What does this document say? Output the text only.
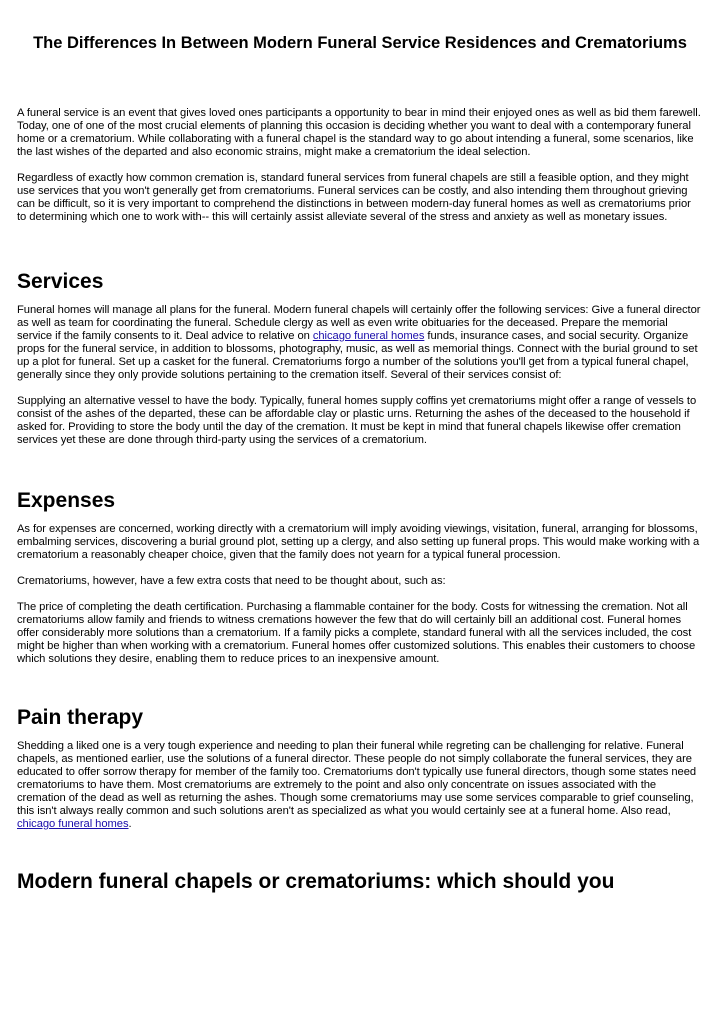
The Differences In Between Modern Funeral Service Residences and Crematoriums

A funeral service is an event that gives loved ones participants a opportunity to bear in mind their enjoyed ones as well as bid them farewell. Today, one of one of the most crucial elements of planning this occasion is deciding whether you want to deal with a contemporary funeral home or a crematorium. While collaborating with a funeral chapel is the standard way to go about intending a funeral, some scenarios, like the last wishes of the departed and also economic strains, might make a crematorium the ideal selection.

Regardless of exactly how common cremation is, standard funeral services from funeral chapels are still a feasible option, and they might use services that you won't generally get from crematoriums. Funeral services can be costly, and also intending them throughout grieving can be difficult, so it is very important to comprehend the distinctions in between modern-day funeral homes as well as crematoriums prior to determining which one to work with-- this will certainly assist alleviate several of the stress and anxiety as well as monetary issues.

Services

Funeral homes will manage all plans for the funeral. Modern funeral chapels will certainly offer the following services: Give a funeral director as well as team for coordinating the funeral. Schedule clergy as well as even write obituaries for the deceased. Prepare the memorial service if the family consents to it. Deal advice to relative on chicago funeral homes funds, insurance cases, and social security. Organize props for the funeral service, in addition to blossoms, photography, music, as well as memorial things. Connect with the burial ground to set up a plot for funeral. Set up a casket for the funeral. Crematoriums forgo a number of the solutions you'll get from a typical funeral chapel, generally since they only provide solutions pertaining to the cremation itself. Several of their services consist of:

Supplying an alternative vessel to have the body. Typically, funeral homes supply coffins yet crematoriums might offer a range of vessels to consist of the ashes of the departed, these can be affordable clay or plastic urns. Returning the ashes of the deceased to the household if asked for. Providing to store the body until the day of the cremation. It must be kept in mind that funeral chapels likewise offer cremation services yet these are done through third-party using the services of a crematorium.

Expenses

As for expenses are concerned, working directly with a crematorium will imply avoiding viewings, visitation, funeral, arranging for blossoms, embalming services, discovering a burial ground plot, setting up a clergy, and also setting up funeral props. This would make working with a crematorium a reasonably cheaper choice, given that the family does not yearn for a typical funeral procession.

Crematoriums, however, have a few extra costs that need to be thought about, such as:

The price of completing the death certification. Purchasing a flammable container for the body. Costs for witnessing the cremation. Not all crematoriums allow family and friends to witness cremations however the few that do will certainly bill an additional cost. Funeral homes offer considerably more solutions than a crematorium. If a family picks a complete, standard funeral with all the services included, the cost might be higher than when working with a crematorium. Funeral homes offer customized solutions. This enables their customers to choose which solutions they desire, enabling them to reduce prices to an inexpensive amount.

Pain therapy

Shedding a liked one is a very tough experience and needing to plan their funeral while regreting can be challenging for relative. Funeral chapels, as mentioned earlier, use the solutions of a funeral director. These people do not simply collaborate the funeral services, they are educated to offer sorrow therapy for member of the family too. Crematoriums don't typically use funeral directors, though some states need crematoriums to have them. Most crematoriums are extremely to the point and also only concentrate on issues associated with the cremation of the dead as well as returning the ashes. Though some crematoriums may use some services comparable to grief counseling, this isn't always really common and such solutions aren't as specialized as what you would certainly see at a funeral home. Also read, chicago funeral homes.

Modern funeral chapels or crematoriums: which should you
